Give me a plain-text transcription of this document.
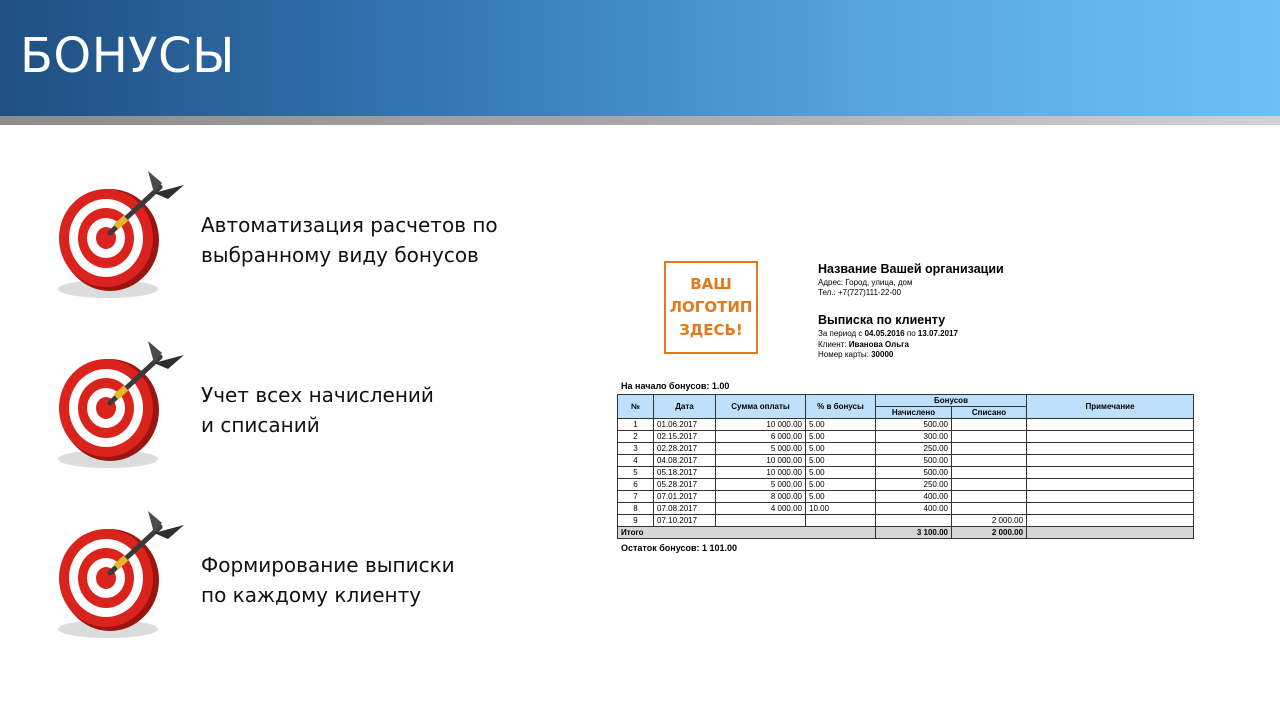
БОНУСЫ
Автоматизация расчетов по
выбранному виду бонусов
Учет всех начислений
и списаний
Формирование выписки
по каждому клиенту
ВАШ
ЛОГОТИП
ЗДЕСЬ!
Название Вашей организации
Адрес: Город, улица, дом
Тел.: +7(727)111-22-00
Выписка по клиенту
За период с 04.05.2016 по 13.07.2017
Клиент: Иванова Ольга
Номер карты: 30000
На начало бонусов: 1.00
№	Дата	Сумма оплаты	% в бонусы	Бонусов		Примечание
				Начислено	Списано	
1	01.06.2017	10 000.00	5.00	500.00		
2	02.15.2017	6 000.00	5.00	300.00		
3	02.28.2017	5 000.00	5.00	250.00		
4	04.08.2017	10 000.00	5.00	500.00		
5	05.18.2017	10 000.00	5.00	500.00		
6	05.28.2017	5 000.00	5.00	250.00		
7	07.01.2017	8 000.00	5.00	400.00		
8	07.08.2017	4 000.00	10.00	400.00		
9	07.10.2017				2 000.00	
Итого				3 100.00	2 000.00	
Остаток бонусов: 1 101.00
